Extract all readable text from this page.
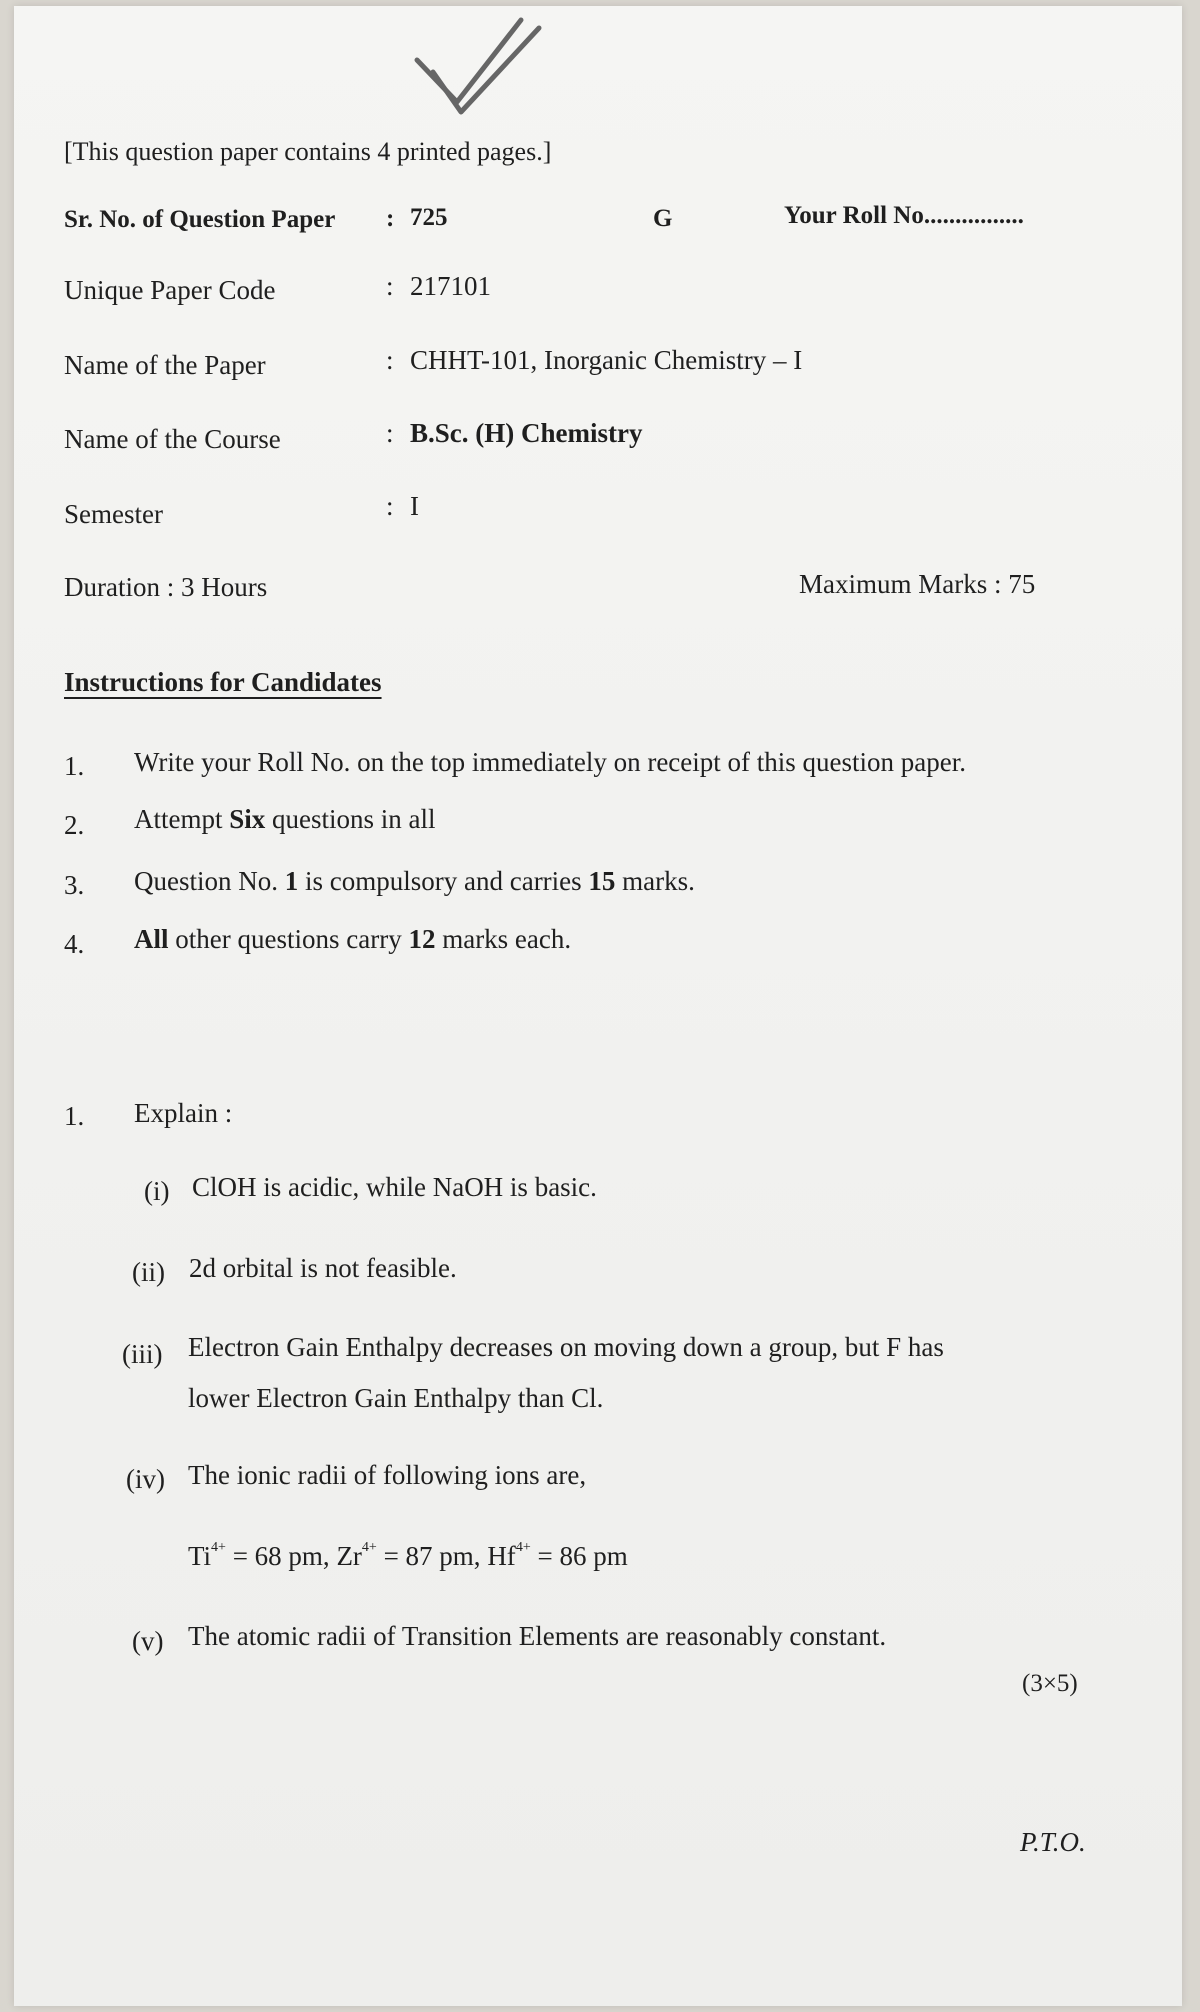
[This question paper contains 4 printed pages.]
Sr. No. of Question Paper : 725	G	Your Roll No................
Unique Paper Code	: 217101
Name of the Paper	: CHHT-101, Inorganic Chemistry – I
Name of the Course	: B.Sc. (H) Chemistry
Semester	: I
Duration : 3 Hours	Maximum Marks : 75
Instructions for Candidates
1. Write your Roll No. on the top immediately on receipt of this question paper.
2. Attempt Six questions in all
3. Question No. 1 is compulsory and carries 15 marks.
4. All other questions carry 12 marks each.
1. Explain :
(i) ClOH is acidic, while NaOH is basic.
(ii) 2d orbital is not feasible.
(iii) Electron Gain Enthalpy decreases on moving down a group, but F has
lower Electron Gain Enthalpy than Cl.
(iv) The ionic radii of following ions are,
$Ti^{4+} = 68$ pm, $Zr^{4+} = 87$ pm, $Hf^{4+} = 86$ pm
(v) The atomic radii of Transition Elements are reasonably constant.
(3×5)
P.T.O.
